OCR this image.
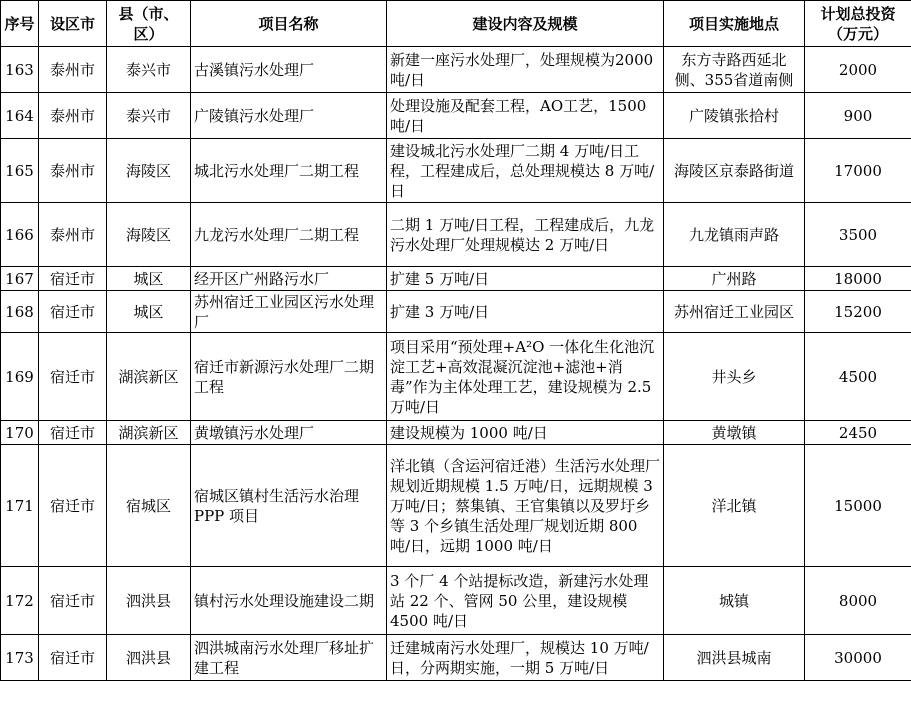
序号	设区市	县（市、区）	项目名称	建设内容及规模	项目实施地点	计划总投资（万元）
163	泰州市	泰兴市	古溪镇污水处理厂	新建一座污水处理厂，处理规模为2000吨/日	东方寺路西延北侧、355省道南侧	2000
164	泰州市	泰兴市	广陵镇污水处理厂	处理设施及配套工程，AO工艺，1500吨/日	广陵镇张拾村	900
165	泰州市	海陵区	城北污水处理厂二期工程	建设城北污水处理厂二期 4 万吨/日工程，工程建成后，总处理规模达 8 万吨/日	海陵区京泰路街道	17000
166	泰州市	海陵区	九龙污水处理厂二期工程	二期 1 万吨/日工程，工程建成后，九龙污水处理厂处理规模达 2 万吨/日	九龙镇雨声路	3500
167	宿迁市	城区	经开区广州路污水厂	扩建 5 万吨/日	广州路	18000
168	宿迁市	城区	苏州宿迁工业园区污水处理厂	扩建 3 万吨/日	苏州宿迁工业园区	15200
169	宿迁市	湖滨新区	宿迁市新源污水处理厂二期工程	项目采用“预处理+A²O 一体化生化池沉淀工艺+高效混凝沉淀池+滤池+消毒”作为主体处理工艺，建设规模为 2.5 万吨/日	井头乡	4500
170	宿迁市	湖滨新区	黄墩镇污水处理厂	建设规模为 1000 吨/日	黄墩镇	2450
171	宿迁市	宿城区	宿城区镇村生活污水治理 PPP 项目	洋北镇（含运河宿迁港）生活污水处理厂规划近期规模 1.5 万吨/日，远期规模 3 万吨/日；蔡集镇、王官集镇以及罗圩乡等 3 个乡镇生活处理厂规划近期 800 吨/日，远期 1000 吨/日	洋北镇	15000
172	宿迁市	泗洪县	镇村污水处理设施建设二期	3 个厂 4 个站提标改造，新建污水处理站 22 个、管网 50 公里，建设规模4500 吨/日	城镇	8000
173	宿迁市	泗洪县	泗洪城南污水处理厂移址扩建工程	迁建城南污水处理厂，规模达 10 万吨/日，分两期实施，一期 5 万吨/日	泗洪县城南	30000
